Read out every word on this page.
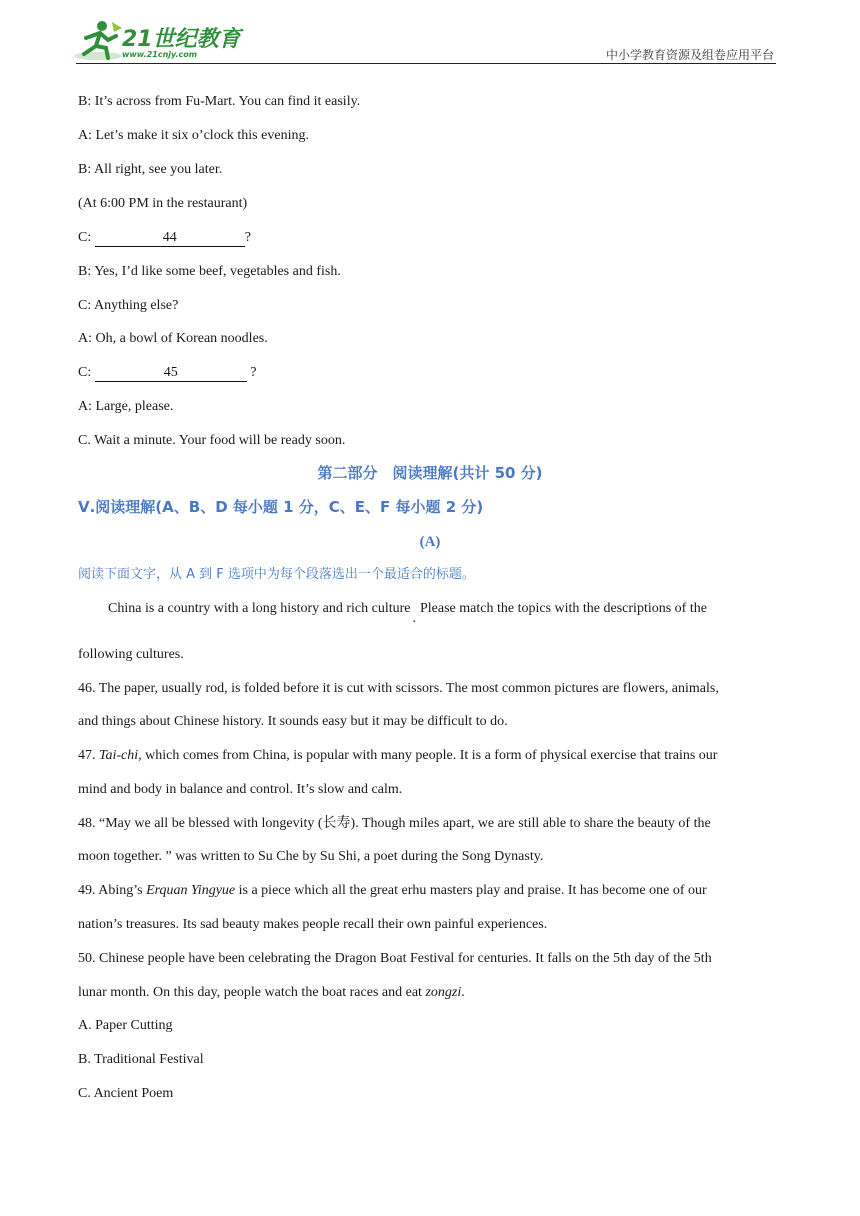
21世纪教育
www.21cnjy.com	中小学教育资源及组卷应用平台
B: It’s across from Fu-Mart. You can find it easily.
A: Let’s make it six o’clock this evening.
B: All right, see you later.
(At 6:00 PM in the restaurant)
C:	44	?
B: Yes, I’d like some beef, vegetables and fish.
C: Anything else?
A: Oh, a bowl of Korean noodles.
C:	45	?
A: Large, please.
C. Wait a minute. Your food will be ready soon.
第二部分　阅读理解(共计 50 分)
Ⅴ.阅读理解(A、B、D 每小题 1 分，C、E、F 每小题 2 分)
(A)
阅读下面文字，从 A 到 F 选项中为每个段落选出一个最适合的标题。
China is a country with a long history and rich culture.Please match the topics with the descriptions of the
following cultures.
46. The paper, usually rod, is folded before it is cut with scissors. The most common pictures are flowers, animals,
and things about Chinese history. It sounds easy but it may be difficult to do.
47. Tai-chi, which comes from China, is popular with many people. It is a form of physical exercise that trains our
mind and body in balance and control. It’s slow and calm.
48. “May we all be blessed with longevity (长寿). Though miles apart, we are still able to share the beauty of the
moon together. ” was written to Su Che by Su Shi, a poet during the Song Dynasty.
49. Abing’s Erquan Yingyue is a piece which all the great erhu masters play and praise. It has become one of our
nation’s treasures. Its sad beauty makes people recall their own painful experiences.
50. Chinese people have been celebrating the Dragon Boat Festival for centuries. It falls on the 5th day of the 5th
lunar month. On this day, people watch the boat races and eat zongzi.
A. Paper Cutting
B. Traditional Festival
C. Ancient Poem
